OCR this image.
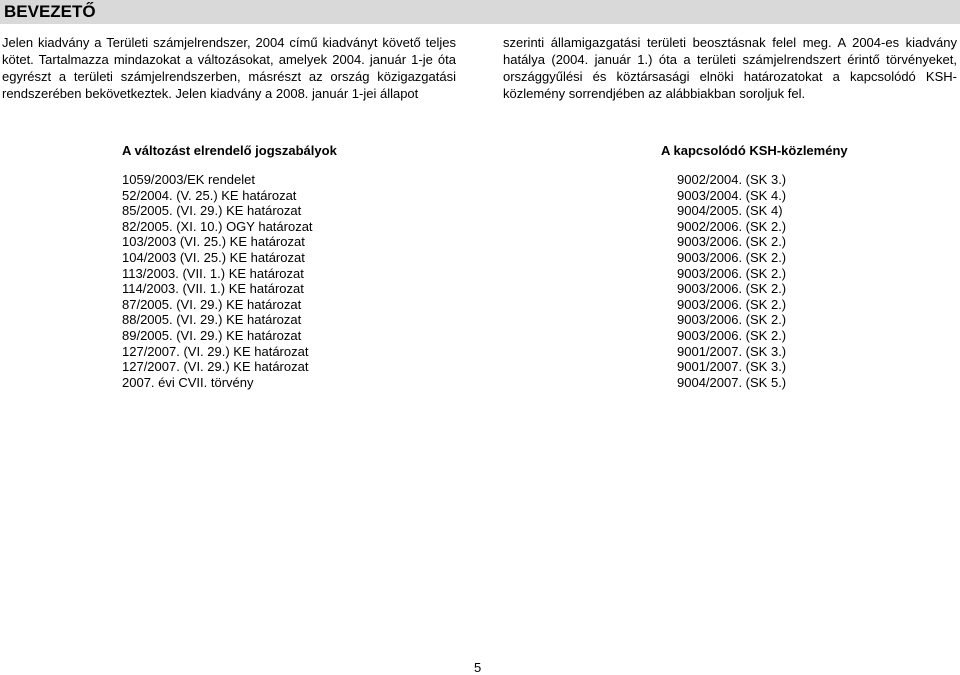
BEVEZETŐ

Jelen kiadvány a Területi számjelrendszer, 2004 című kiadványt követő teljes kötet. Tartalmazza mindazokat a változásokat, amelyek 2004. január 1-je óta egyrészt a területi számjelrendszerben, másrészt az ország közigazgatási rendszerében bekövetkeztek. Jelen kiadvány a 2008. január 1-jei állapot

szerinti államigazgatási területi beosztásnak felel meg. A 2004-es kiadvány hatálya (2004. január 1.) óta a területi számjelrendszert érintő törvényeket, országgyűlési és köztársasági elnöki határozatokat a kapcsolódó KSH-közlemény sorrendjében az alábbiakban soroljuk fel.

A változást elrendelő jogszabályok	A kapcsolódó KSH-közlemény
1059/2003/EK rendelet
52/2004. (V. 25.) KE határozat
85/2005. (VI. 29.) KE határozat
82/2005. (XI. 10.) OGY határozat
103/2003 (VI. 25.) KE határozat
104/2003 (VI. 25.) KE határozat
113/2003. (VII. 1.) KE határozat
114/2003. (VII. 1.) KE határozat
87/2005. (VI. 29.) KE határozat
88/2005. (VI. 29.) KE határozat
89/2005. (VI. 29.) KE határozat
127/2007. (VI. 29.) KE határozat
127/2007. (VI. 29.) KE határozat
2007. évi CVII. törvény
9002/2004. (SK 3.)
9003/2004. (SK 4.)
9004/2005. (SK 4)
9002/2006. (SK 2.)
9003/2006. (SK 2.)
9003/2006. (SK 2.)
9003/2006. (SK 2.)
9003/2006. (SK 2.)
9003/2006. (SK 2.)
9003/2006. (SK 2.)
9003/2006. (SK 2.)
9001/2007. (SK 3.)
9001/2007. (SK 3.)
9004/2007. (SK 5.)
5
